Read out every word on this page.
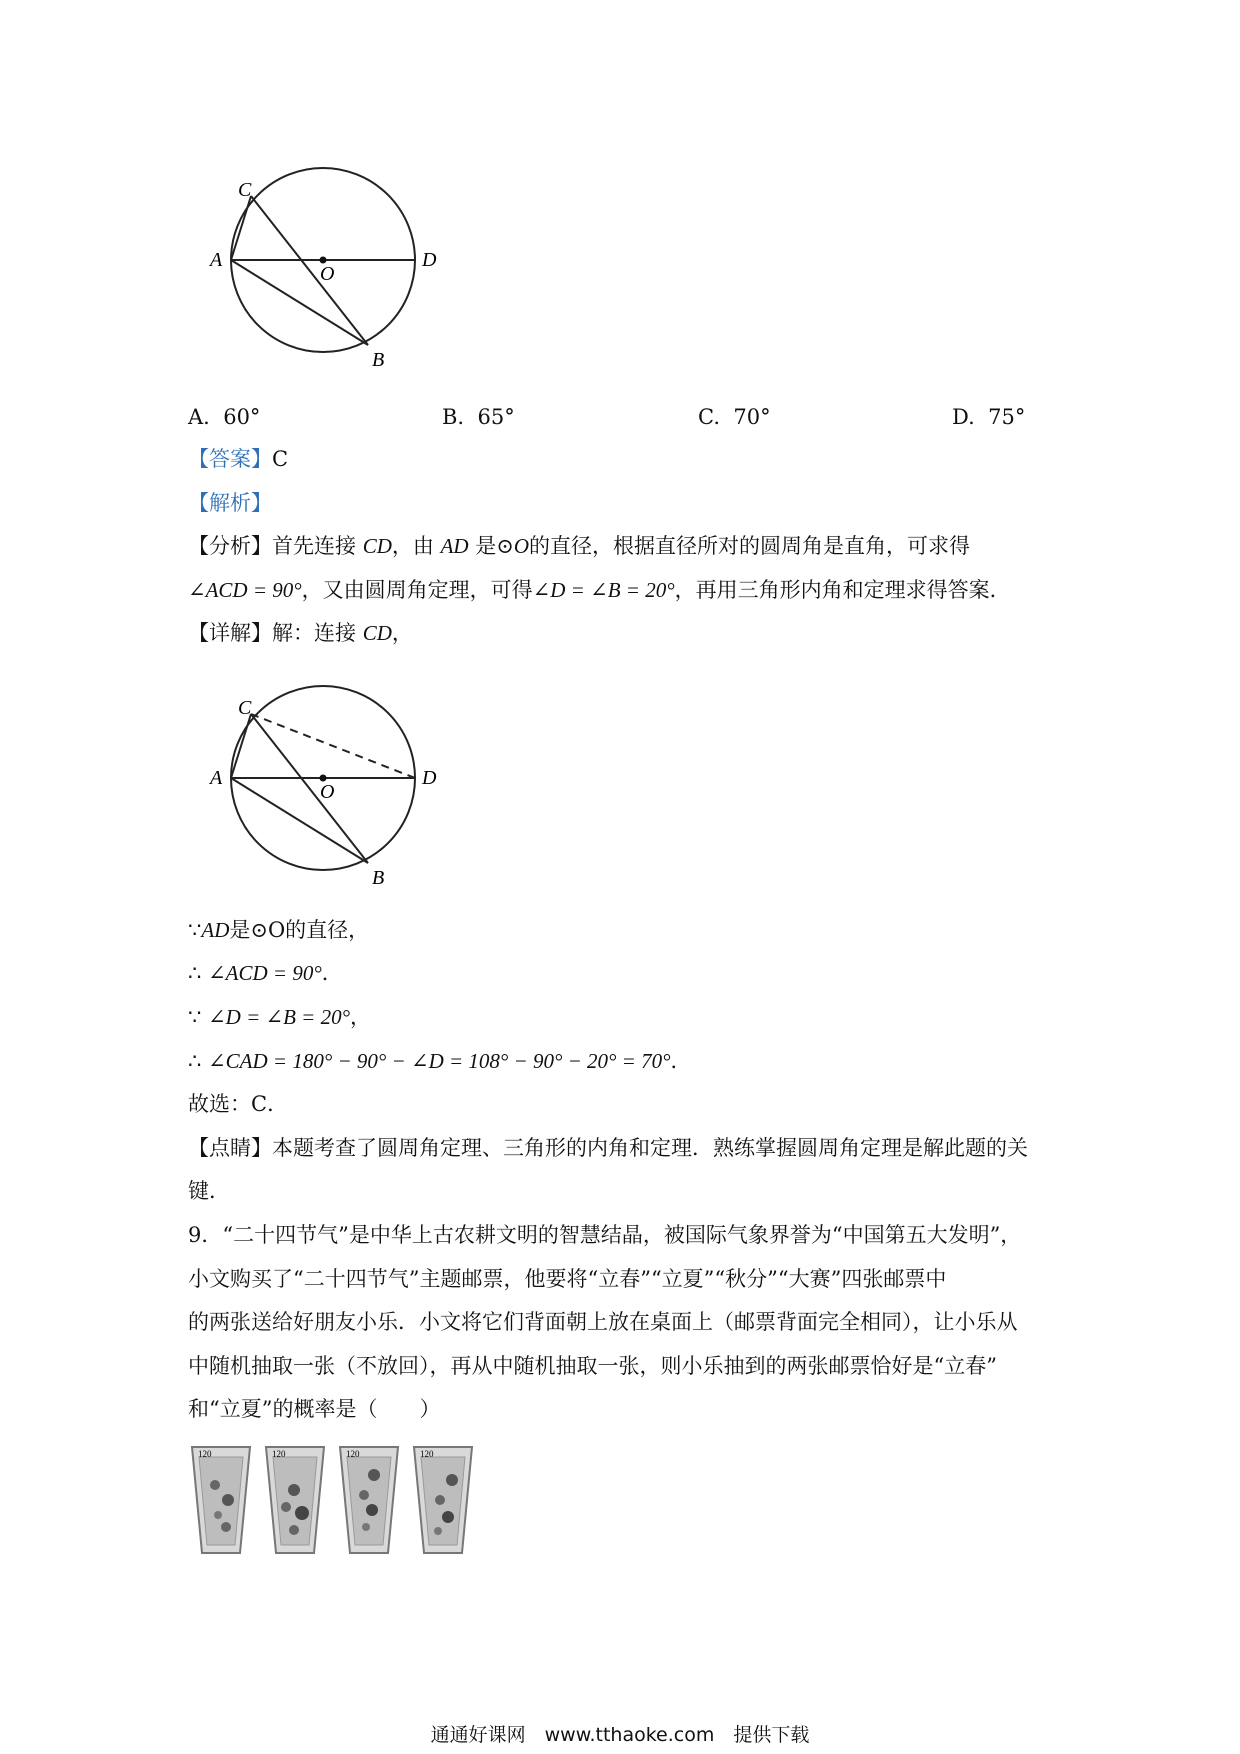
C
A
O
D
B
A. 60°	B. 65°	C. 70°	D. 75°
【答案】C
【解析】
【分析】首先连接 CD，由 AD 是⊙O的直径，根据直径所对的圆周角是直角，可求得
∠ACD = 90°，又由圆周角定理，可得∠D = ∠B = 20°，再用三角形内角和定理求得答案．
【详解】解：连接 CD，
C
A
O
D
B
∵AD是⊙O的直径，
∴ ∠ACD = 90°．
∵ ∠D = ∠B = 20°，
∴ ∠CAD = 180° − 90° − ∠D = 108° − 90° − 20° = 70°．
故选：C．
【点睛】本题考查了圆周角定理、三角形的内角和定理．熟练掌握圆周角定理是解此题的关
键．
9．“二十四节气”是中华上古农耕文明的智慧结晶，被国际气象界誉为“中国第五大发明”，
小文购买了“二十四节气”主题邮票，他要将“立春”“立夏”“秋分”“大赛”四张邮票中
的两张送给好朋友小乐．小文将它们背面朝上放在桌面上（邮票背面完全相同），让小乐从
中随机抽取一张（不放回），再从中随机抽取一张，则小乐抽到的两张邮票恰好是“立春”
和“立夏”的概率是（　　）
120	120	120	120
通通好课网　www.tthaoke.com　提供下载
